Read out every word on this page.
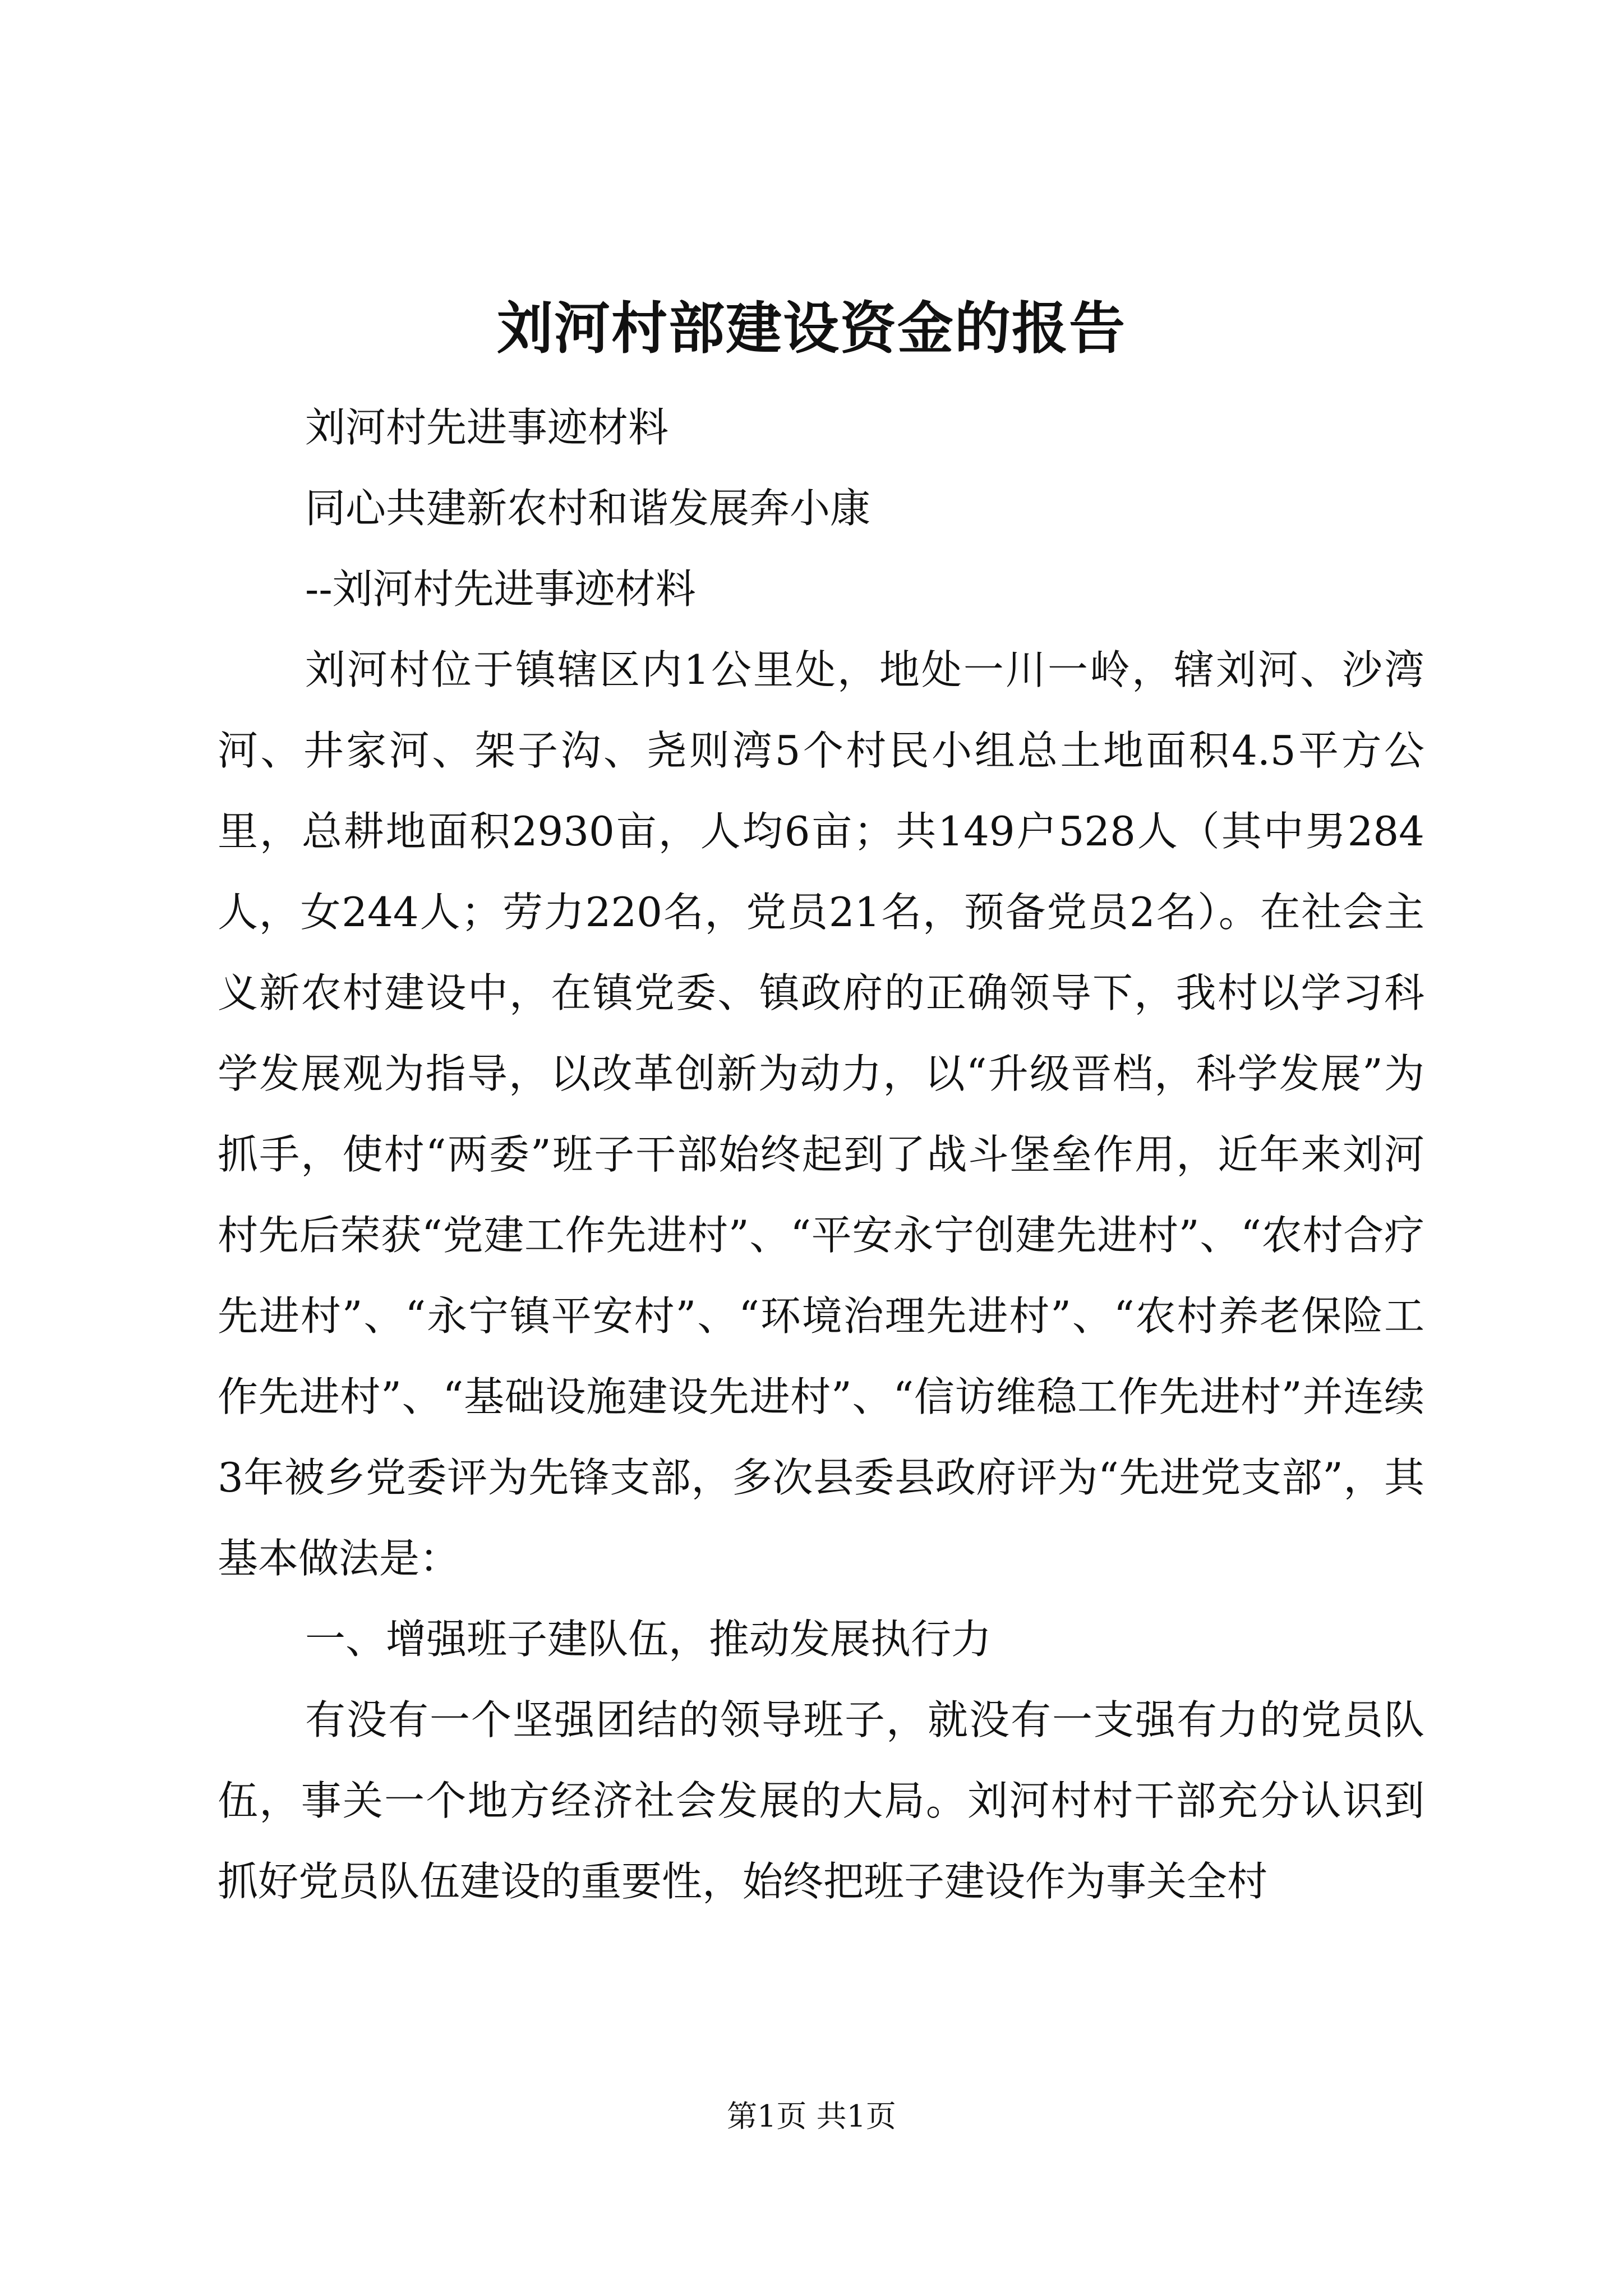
刘河村部建设资金的报告

刘河村先进事迹材料

同心共建新农村和谐发展奔小康

--刘河村先进事迹材料

刘河村位于镇辖区内1公里处，地处一川一岭，辖刘河、沙湾河、井家河、架子沟、尧则湾5个村民小组总土地面积4.5平方公里，总耕地面积2930亩，人均6亩；共149户528人（其中男284人，女244人；劳力220名，党员21名，预备党员2名）。在社会主义新农村建设中，在镇党委、镇政府的正确领导下，我村以学习科学发展观为指导，以改革创新为动力，以“升级晋档，科学发展”为抓手，使村“两委”班子干部始终起到了战斗堡垒作用，近年来刘河村先后荣获“党建工作先进村”、“平安永宁创建先进村”、“农村合疗先进村”、“永宁镇平安村”、“环境治理先进村”、“农村养老保险工作先进村”、“基础设施建设先进村”、“信访维稳工作先进村”并连续3年被乡党委评为先锋支部，多次县委县政府评为“先进党支部”，其基本做法是：

一、增强班子建队伍，推动发展执行力

有没有一个坚强团结的领导班子，就没有一支强有力的党员队伍，事关一个地方经济社会发展的大局。刘河村村干部充分认识到抓好党员队伍建设的重要性，始终把班子建设作为事关全村

第1页 共1页
